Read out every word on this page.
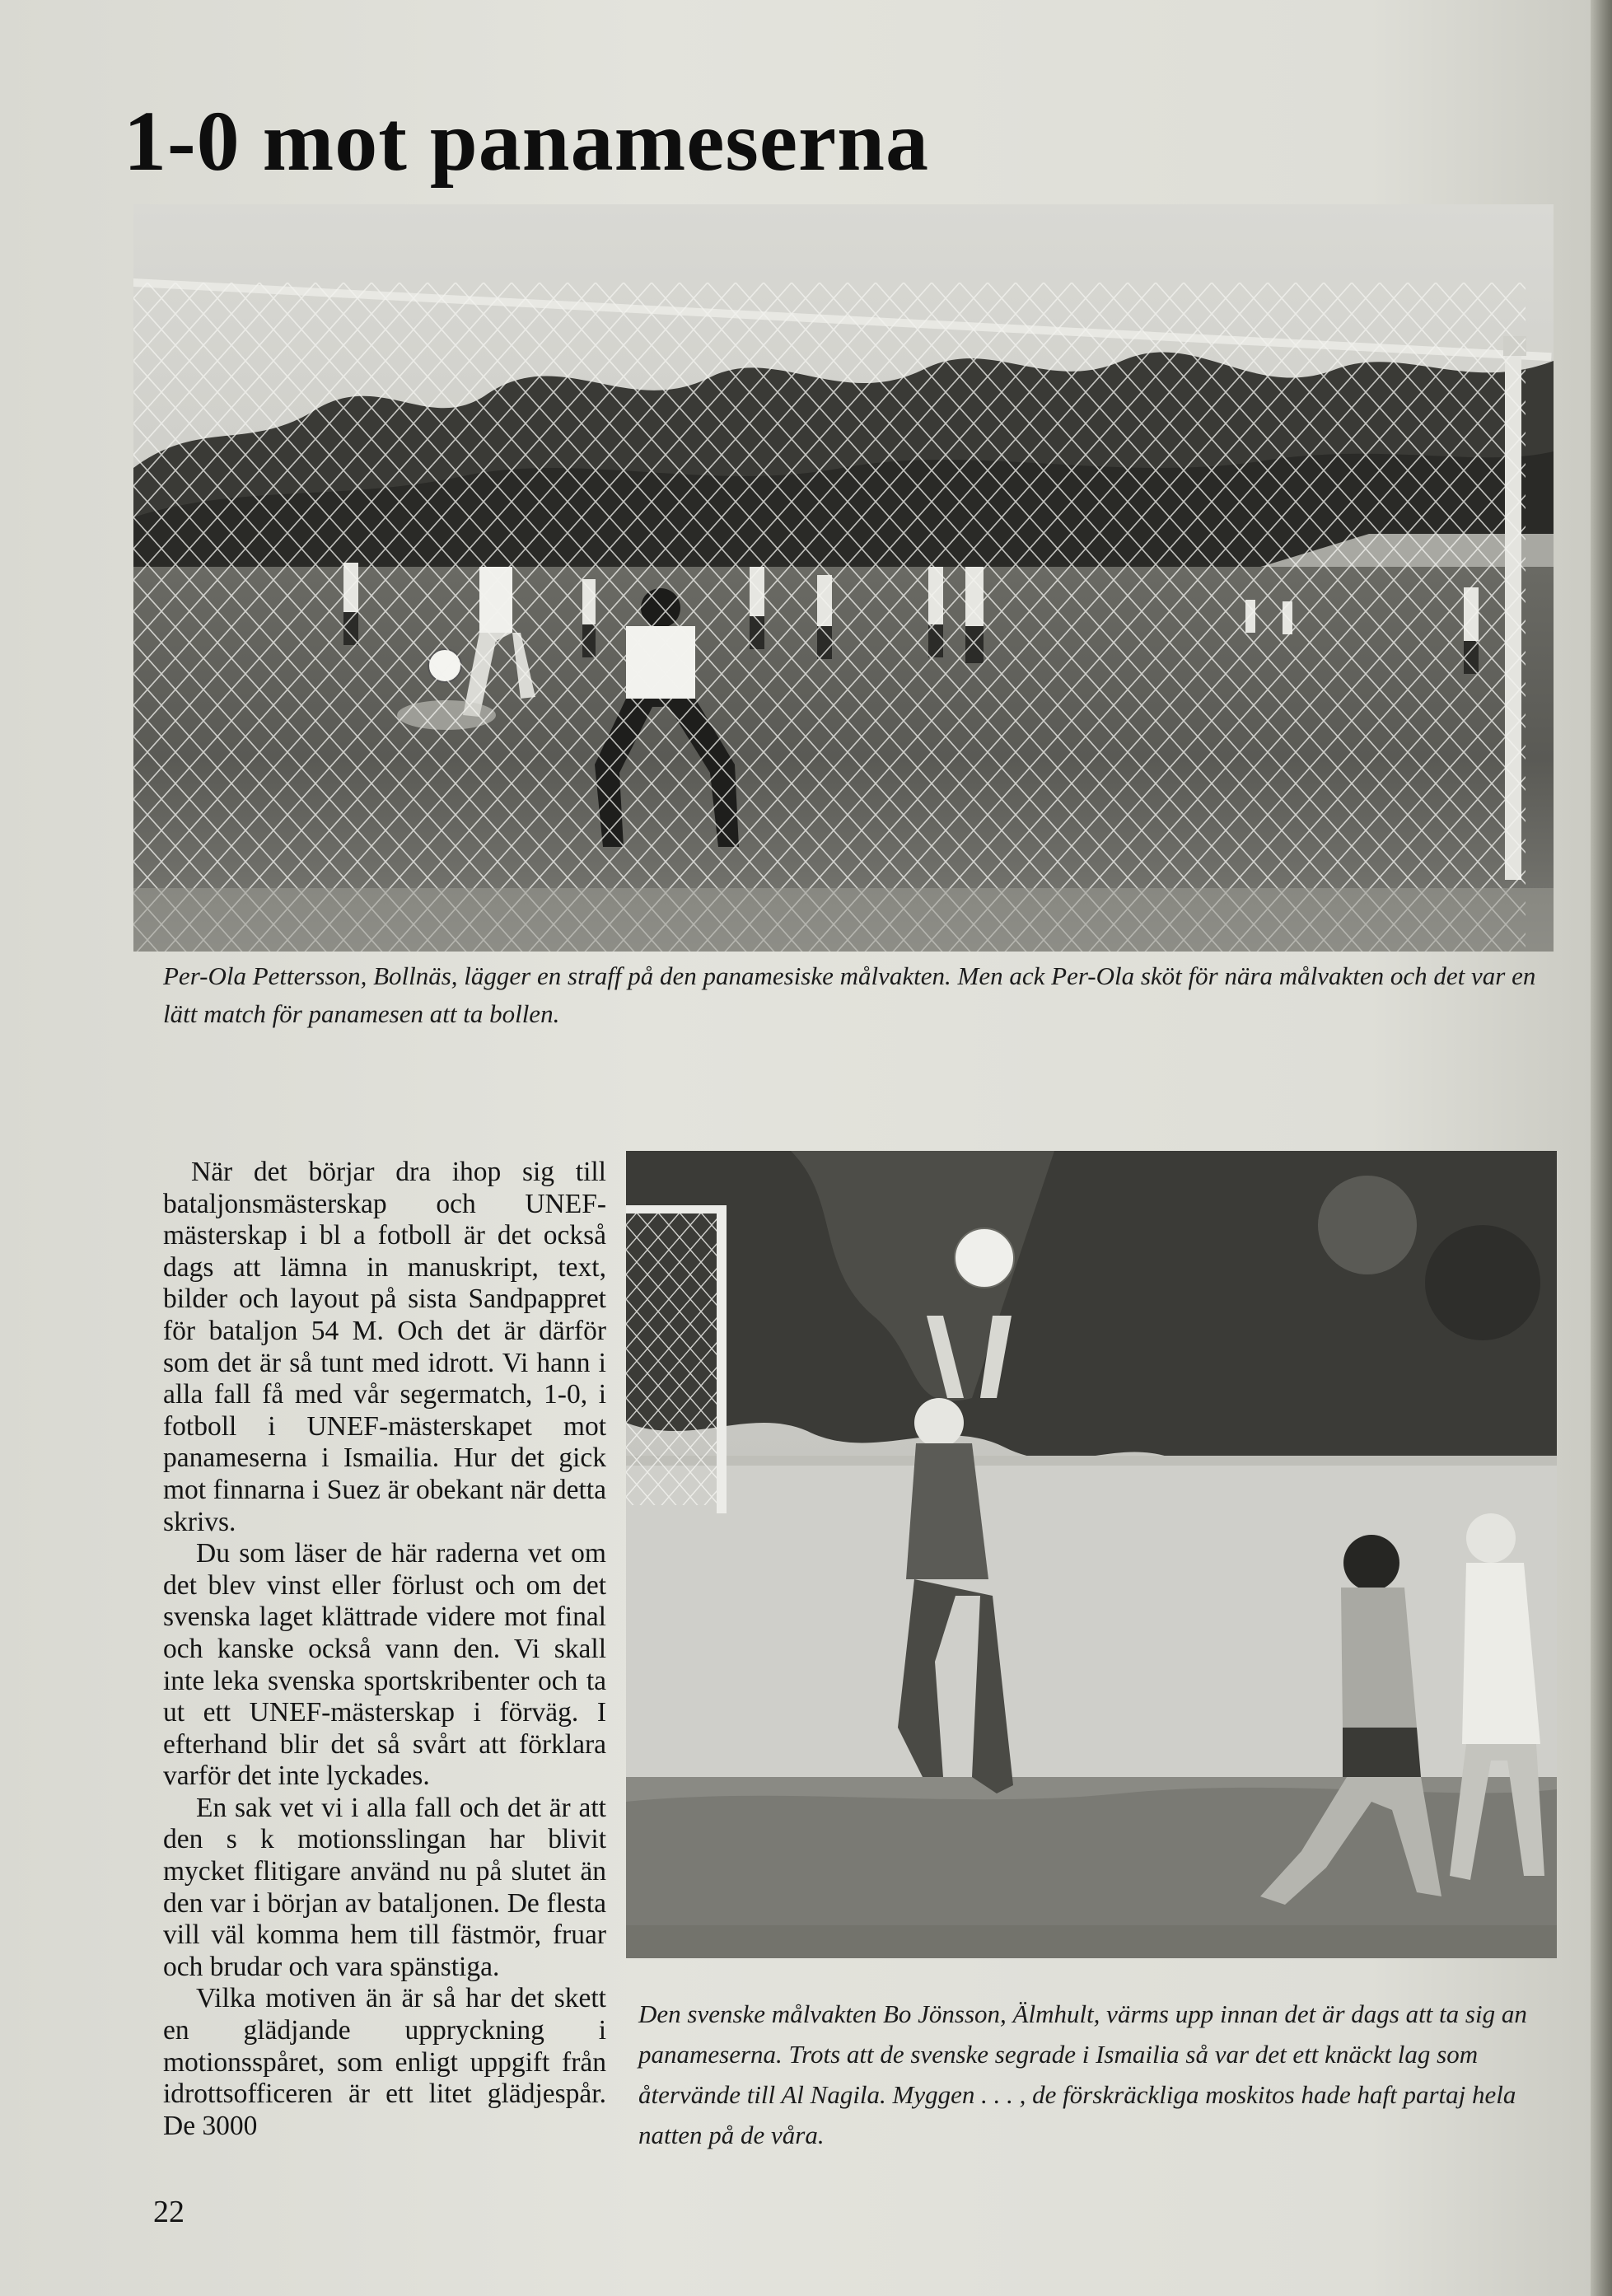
1-0 mot panameserna

Per-Ola Pettersson, Bollnäs, lägger en straff på den panamesiske målvakten. Men ack Per-Ola sköt för nära målvakten och det var en lätt match för panamesen att ta bollen.

När det börjar dra ihop sig till bataljonsmästerskap och UNEF-mästerskap i bl a fotboll är det också dags att lämna in manuskript, text, bilder och layout på sista Sandpappret för bataljon 54 M. Och det är därför som det är så tunt med idrott. Vi hann i alla fall få med vår segermatch, 1-0, i fotboll i UNEF-mästerskapet mot panameserna i Ismailia. Hur det gick mot finnarna i Suez är obekant när detta skrivs.

Du som läser de här raderna vet om det blev vinst eller förlust och om det svenska laget klättrade videre mot final och kanske också vann den. Vi skall inte leka svenska sportskribenter och ta ut ett UNEF-mästerskap i förväg. I efterhand blir det så svårt att förklara varför det inte lyckades.

En sak vet vi i alla fall och det är att den s k motionsslingan har blivit mycket flitigare använd nu på slutet än den var i början av bataljonen. De flesta vill väl komma hem till fästmör, fruar och brudar och vara spänstiga.

Vilka motiven än är så har det skett en glädjande uppryckning i motionsspåret, som enligt uppgift från idrottsofficeren är ett litet glädjespår. De 3000

Den svenske målvakten Bo Jönsson, Älmhult, värms upp innan det är dags att ta sig an panameserna. Trots att de svenske segrade i Ismailia så var det ett knäckt lag som återvände till Al Nagila. Myggen . . . , de förskräckliga moskitos hade haft partaj hela natten på de våra.

22
